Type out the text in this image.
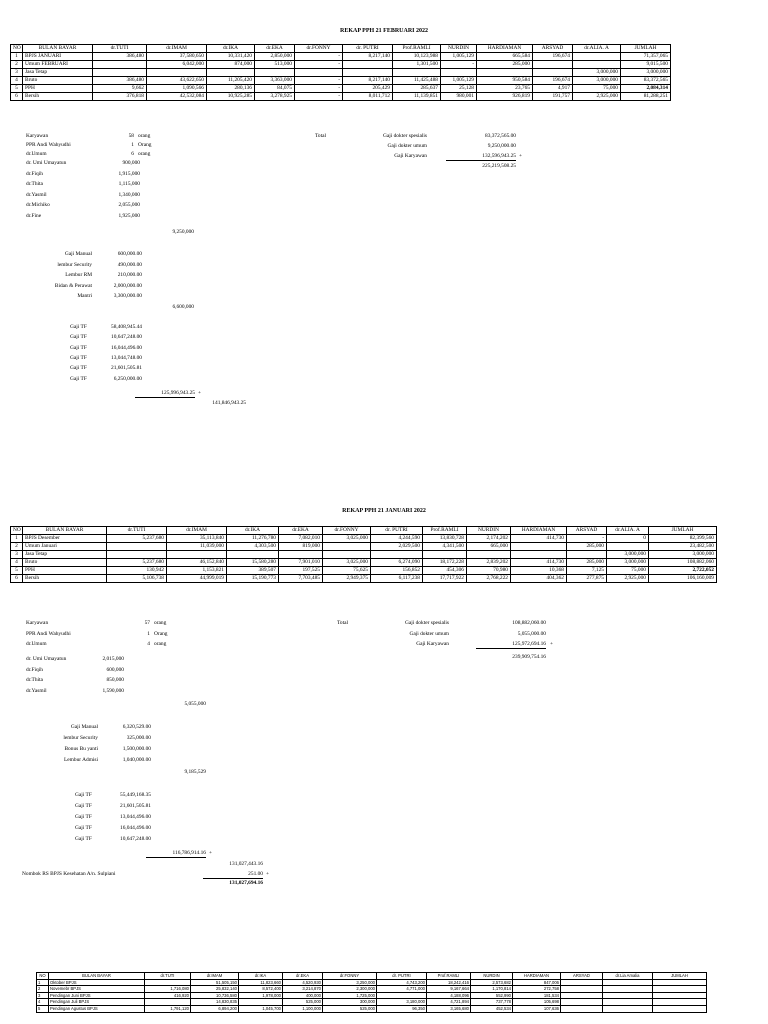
REKAP PPH 21 FEBRUARI 2022
NO	BULAN BAYAR	dr.TUTI	dr.IMAM	dr.IKA	dr.EKA	dr.FONNY	dr. PUTRI	Prof.RAMLI	NURDIN	HARDIAMAN	ARSYAD	dr.ALIA. A	JUMLAH
1	BPJS JANUARI	386,480	37,580,650	10,331,420	2,850,000	-	8,217,140	10,123,988	1,005,129	665,584	196,674		71,357,065
2	Umum FEBRUARI		6,042,000	874,000	513,000	-		1,301,500	-	285,000			9,015,500
3	Jasa Tetap											3,000,000	3,000,000
4	Bruto	386,480	43,622,650	11,205,420	3,363,000	-	8,217,140	11,425,488	1,005,129	950,584	196,674	3,000,000	83,372,565
5	PPH	9,662	1,090,566	280,136	84,075	-	205,429	285,637	25,128	23,765	4,917	75,000	2,084,314
6	Bersih	376,818	42,532,084	10,925,285	3,278,925	-	8,011,712	11,139,851	980,001	926,819	191,757	2,925,000	81,288,251
Karyawan	58 orang
PPR Andi Wahyudhi	1 Orang
dr.Umum	6 orang
dr. Umi Umayatun	900,000
dr.Fiqih	1,915,000
dr.Thita	1,115,000
dr.Yasmil	1,340,000
dr.Michiko	2,055,000
dr.Fine	1,925,000
9,250,000
Gaji Manual	600,000.00
lembur Security	490,000.00
Lembur RM	210,000.00
Bidan & Perawat	2,000,000.00
Mantri	3,300,000.00
6,600,000
Gaji TF	58,408,945.44
Gaji TF	10,647,248.00
Gaji TF	16,044,496.00
Gaji TF	13,044,748.00
Gaji TF	21,601,505.81
Gaji TF	6,250,000.00
125,996,943.25 +
141,846,943.25
Total	Gaji dokter spesialis	83,372,565.00
Gaji dokter umum	9,250,000.00
Gaji Karyawan	132,596,943.25 +
225,219,508.25
REKAP PPH 21 JANUARI 2022
NO	BULAN BAYAR	dr.TUTI	dr.IMAM	dr.IKA	dr.EKA	dr.FONNY	dr. PUTRI	Prof.RAMLI	NURDIN	HARDIAMAN	ARSYAD	dr.ALIA. A	JUMLAH
1	BPJS Desember	5,237,680	35,113,840	11,276,780	7,082,010	3,025,000	4,244,590	13,830,728	2,174,202	414,730	-	0	82,399,560
2	Umum Januari		11,039,000	4,303,500	819,000		2,029,500	4,341,500	665,000		285,000		23,482,500
3	Jasa Tetap											3,000,000	3,000,000
4	Bruto	5,237,680	46,152,840	15,580,280	7,901,010	3,025,000	6,274,090	18,172,228	2,839,202	414,730	285,000	3,000,000	108,882,060
5	PPH	130,942	1,153,821	389,507	197,525	75,625	156,852	454,306	70,980	10,368	7,125	75,000	2,722,052
6	Bersih	5,106,738	44,999,019	15,190,773	7,703,485	2,949,375	6,117,238	17,717,922	2,768,222	404,362	277,875	2,925,000	106,160,009
Karyawan	57 orang
PPR Andi Wahyudhi	1 Orang
dr.Umum	4 orang
dr. Umi Umayatun	2,015,000
dr.Fiqih	600,000
dr.Thita	850,000
dr.Yasmil	1,590,000
5,055,000
Gaji Manual	6,320,529.00
lembur Security	325,000.00
Bonus Bu yanti	1,500,000.00
Lembur Admisi	1,040,000.00
9,185,529
Gaji TF	55,449,168.35
Gaji TF	21,601,505.81
Gaji TF	13,044,496.00
Gaji TF	16,044,496.00
Gaji TF	10,647,248.00
116,786,914.16 +
131,027,443.16
Nombok RS BPJS Kesehatan A/n. Sulpiani	251.00 +
131,027,694.16
Total	Gaji dokter spesialis	108,882,060.00
Gaji dokter umum	5,055,000.00
Gaji Karyawan	125,972,694.16 +
239,909,754.16
NO	BULAN BAYAR	dr.TUTI	dr.IMAM	dr.IKA	dr.EKA	dr.FONNY	dr. PUTRI	Prof.RAMLI	NURDIN	HARDIAMAN	ARSYAD	dr.Lia Amalia	JUMLAH
1	Oktober BPJS		51,505,150	11,823,660	4,520,930	3,250,000	4,743,200	18,242,416	2,573,682	847,006			
2	Novemebr BPJS	1,716,080	25,832,140	8,572,400	3,214,870	2,300,000	4,771,000	9,167,664	1,170,814	272,758			
3	Pendingan Juni BPJS	416,920	10,736,580	1,978,000	400,000	1,725,000		4,188,096	552,990	181,534			
4	Pendingan Juli BPJS		14,830,835		525,000	300,000	3,180,000	4,721,894	737,778	105,698			
5	Pendingan Agustus BPJS	1,791,120	6,894,200	1,045,700	1,100,000	525,000	96,350	3,165,680	452,534	107,636			
